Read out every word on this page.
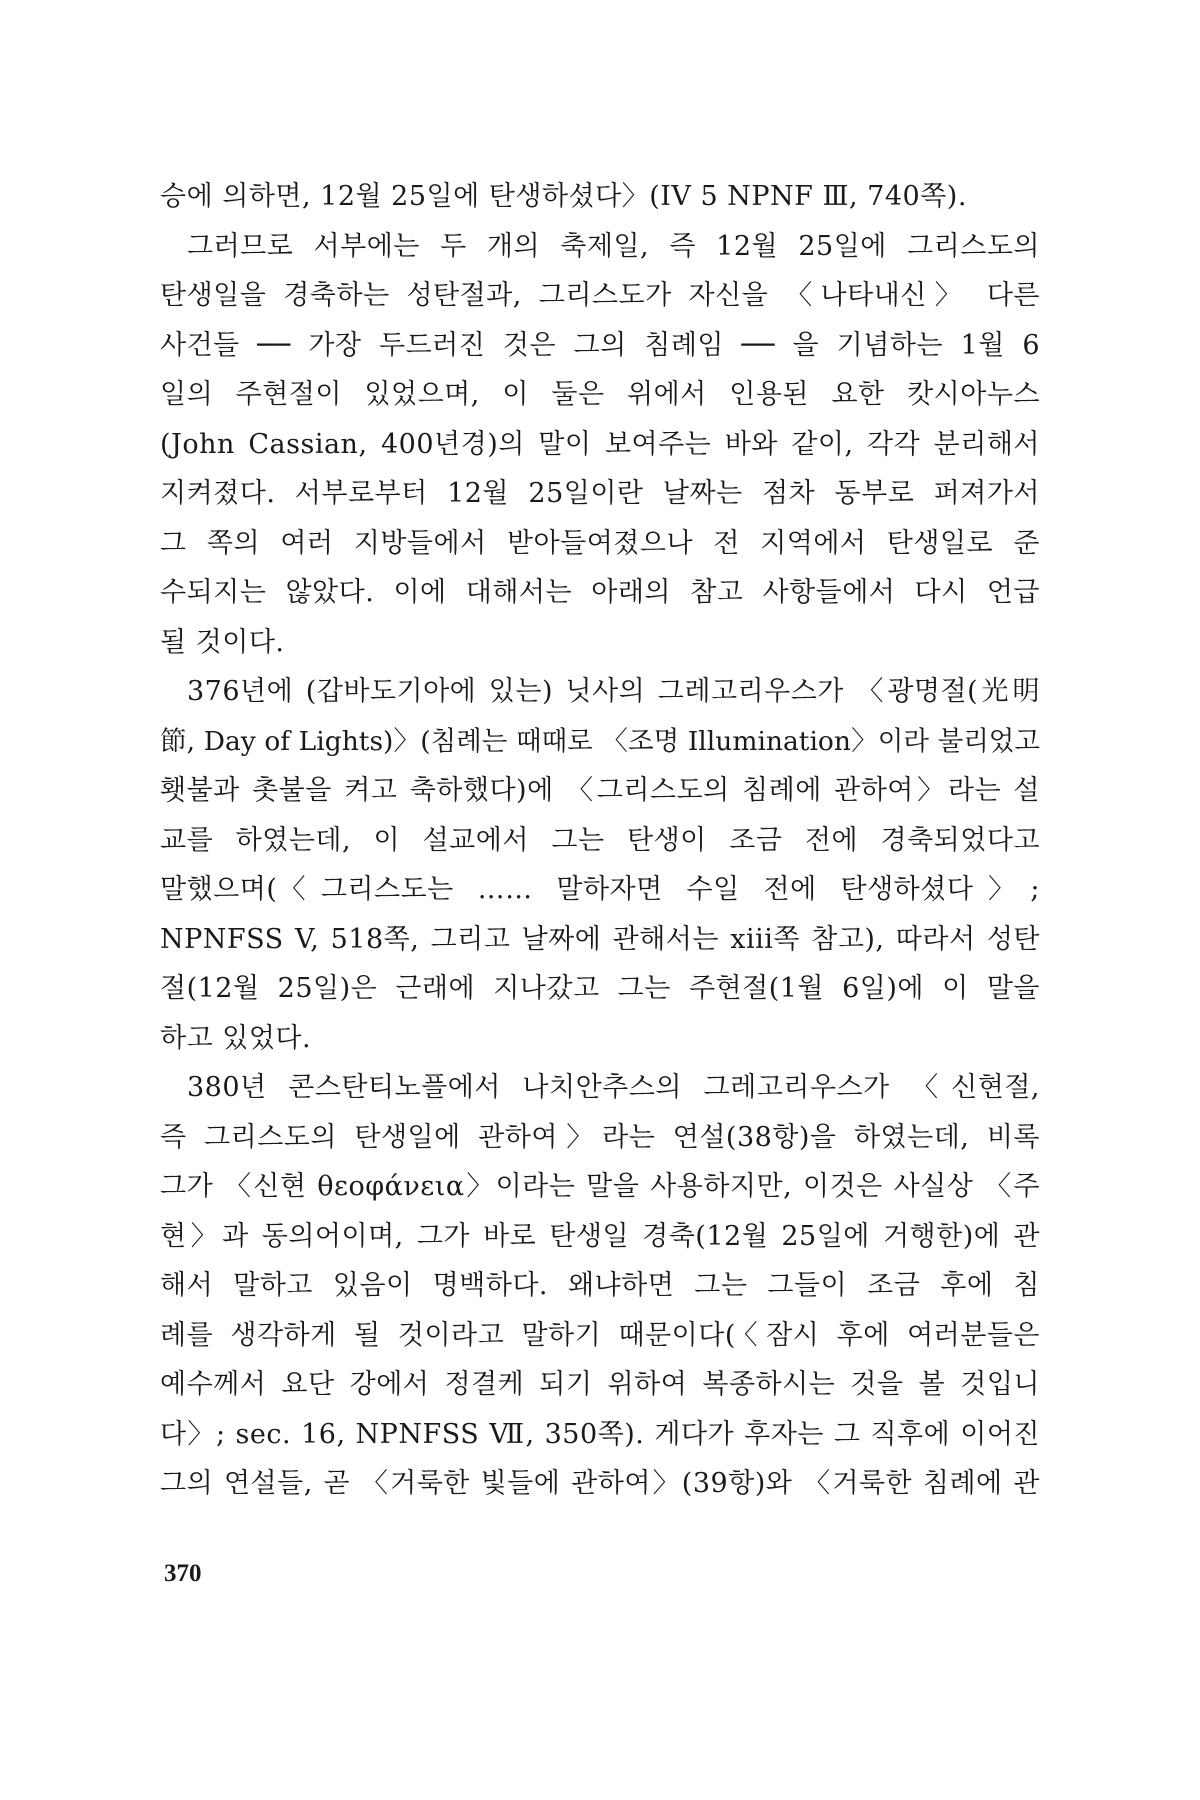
승에 의하면, 12월 25일에 탄생하셨다〉(IV 5 NPNF Ⅲ, 740쪽).
그러므로 서부에는 두 개의 축제일, 즉 12월 25일에 그리스도의
탄생일을 경축하는 성탄절과, 그리스도가 자신을 〈나타내신〉 다른
사건들 ── 가장 두드러진 것은 그의 침례임 ── 을 기념하는 1월 6
일의 주현절이 있었으며, 이 둘은 위에서 인용된 요한 캇시아누스
(John Cassian, 400년경)의 말이 보여주는 바와 같이, 각각 분리해서
지켜졌다. 서부로부터 12월 25일이란 날짜는 점차 동부로 퍼져가서
그 쪽의 여러 지방들에서 받아들여졌으나 전 지역에서 탄생일로 준
수되지는 않았다. 이에 대해서는 아래의 참고 사항들에서 다시 언급
될 것이다.
376년에 (갑바도기아에 있는) 닛사의 그레고리우스가 〈광명절(光明
節, Day of Lights)〉(침례는 때때로 〈조명 Illumination〉이라 불리었고
횃불과 촛불을 켜고 축하했다)에 〈그리스도의 침례에 관하여〉라는 설
교를 하였는데, 이 설교에서 그는 탄생이 조금 전에 경축되었다고
말했으며(〈그리스도는 …… 말하자면 수일 전에 탄생하셨다〉;
NPNFSS V, 518쪽, 그리고 날짜에 관해서는 xiii쪽 참고), 따라서 성탄
절(12월 25일)은 근래에 지나갔고 그는 주현절(1월 6일)에 이 말을
하고 있었다.
380년 콘스탄티노플에서 나치안추스의 그레고리우스가 〈신현절,
즉 그리스도의 탄생일에 관하여〉라는 연설(38항)을 하였는데, 비록
그가 〈신현 θεοφάνεια〉이라는 말을 사용하지만, 이것은 사실상 〈주
현〉과 동의어이며, 그가 바로 탄생일 경축(12월 25일에 거행한)에 관
해서 말하고 있음이 명백하다. 왜냐하면 그는 그들이 조금 후에 침
례를 생각하게 될 것이라고 말하기 때문이다(〈잠시 후에 여러분들은
예수께서 요단 강에서 정결케 되기 위하여 복종하시는 것을 볼 것입니
다〉; sec. 16, NPNFSS Ⅶ, 350쪽). 게다가 후자는 그 직후에 이어진
그의 연설들, 곧 〈거룩한 빛들에 관하여〉(39항)와 〈거룩한 침례에 관
370
